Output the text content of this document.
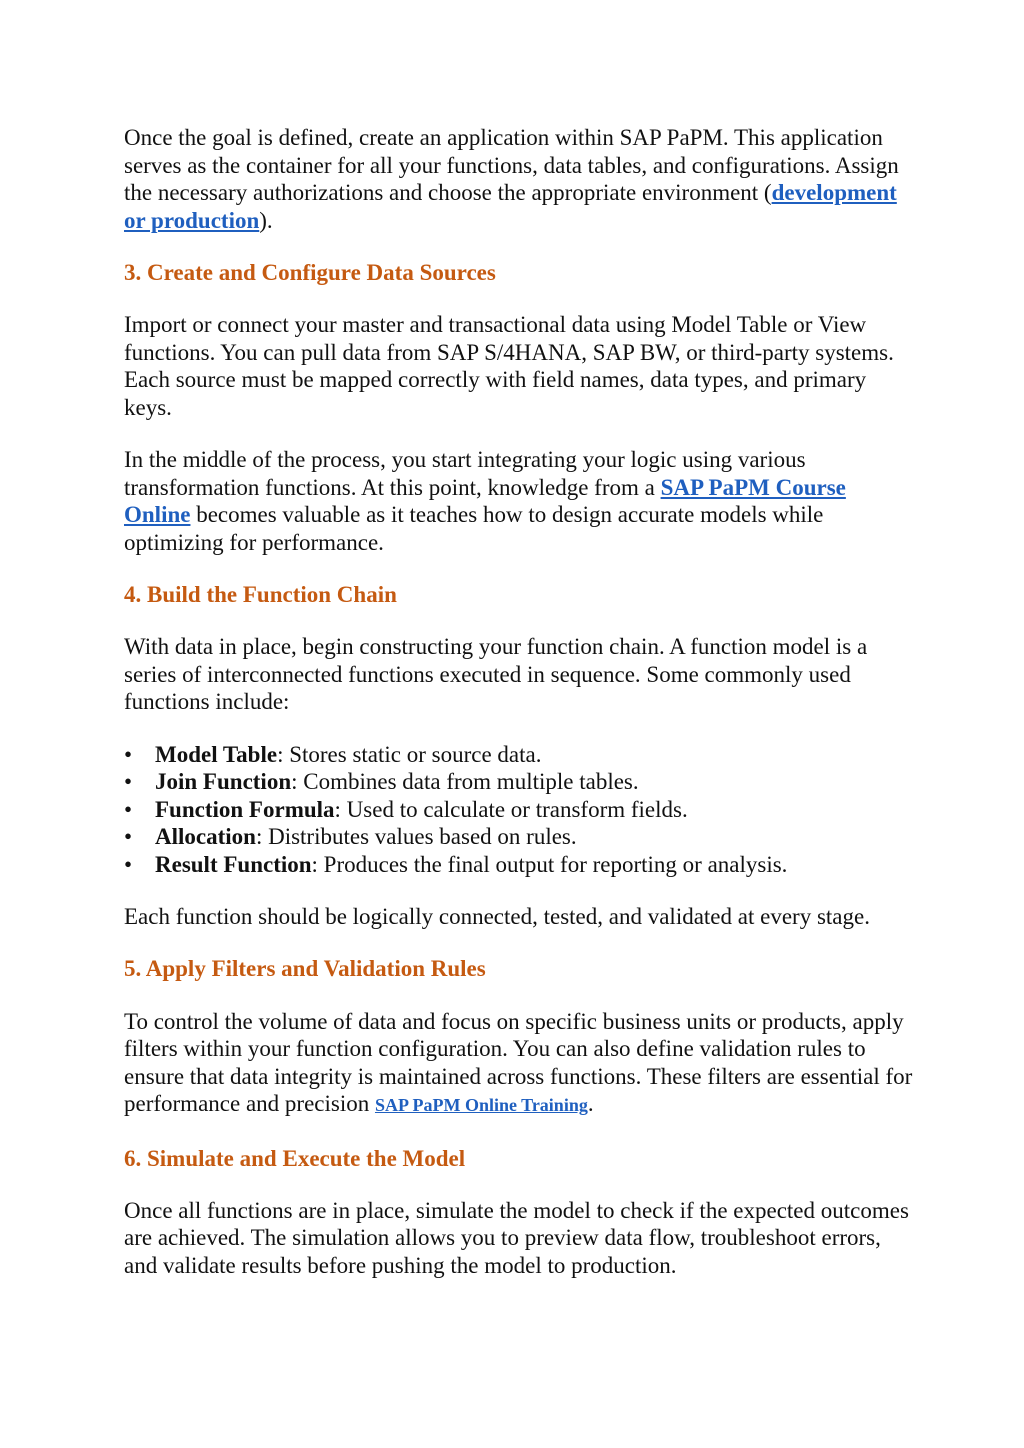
Once the goal is defined, create an application within SAP PaPM. This application serves as the container for all your functions, data tables, and configurations. Assign the necessary authorizations and choose the appropriate environment (development or production).

3. Create and Configure Data Sources

Import or connect your master and transactional data using Model Table or View functions. You can pull data from SAP S/4HANA, SAP BW, or third-party systems. Each source must be mapped correctly with field names, data types, and primary keys.

In the middle of the process, you start integrating your logic using various transformation functions. At this point, knowledge from a SAP PaPM Course Online becomes valuable as it teaches how to design accurate models while optimizing for performance.

4. Build the Function Chain

With data in place, begin constructing your function chain. A function model is a series of interconnected functions executed in sequence. Some commonly used functions include:

• Model Table: Stores static or source data.
• Join Function: Combines data from multiple tables.
• Function Formula: Used to calculate or transform fields.
• Allocation: Distributes values based on rules.
• Result Function: Produces the final output for reporting or analysis.

Each function should be logically connected, tested, and validated at every stage.

5. Apply Filters and Validation Rules

To control the volume of data and focus on specific business units or products, apply filters within your function configuration. You can also define validation rules to ensure that data integrity is maintained across functions. These filters are essential for performance and precision SAP PaPM Online Training.

6. Simulate and Execute the Model

Once all functions are in place, simulate the model to check if the expected outcomes are achieved. The simulation allows you to preview data flow, troubleshoot errors, and validate results before pushing the model to production.
